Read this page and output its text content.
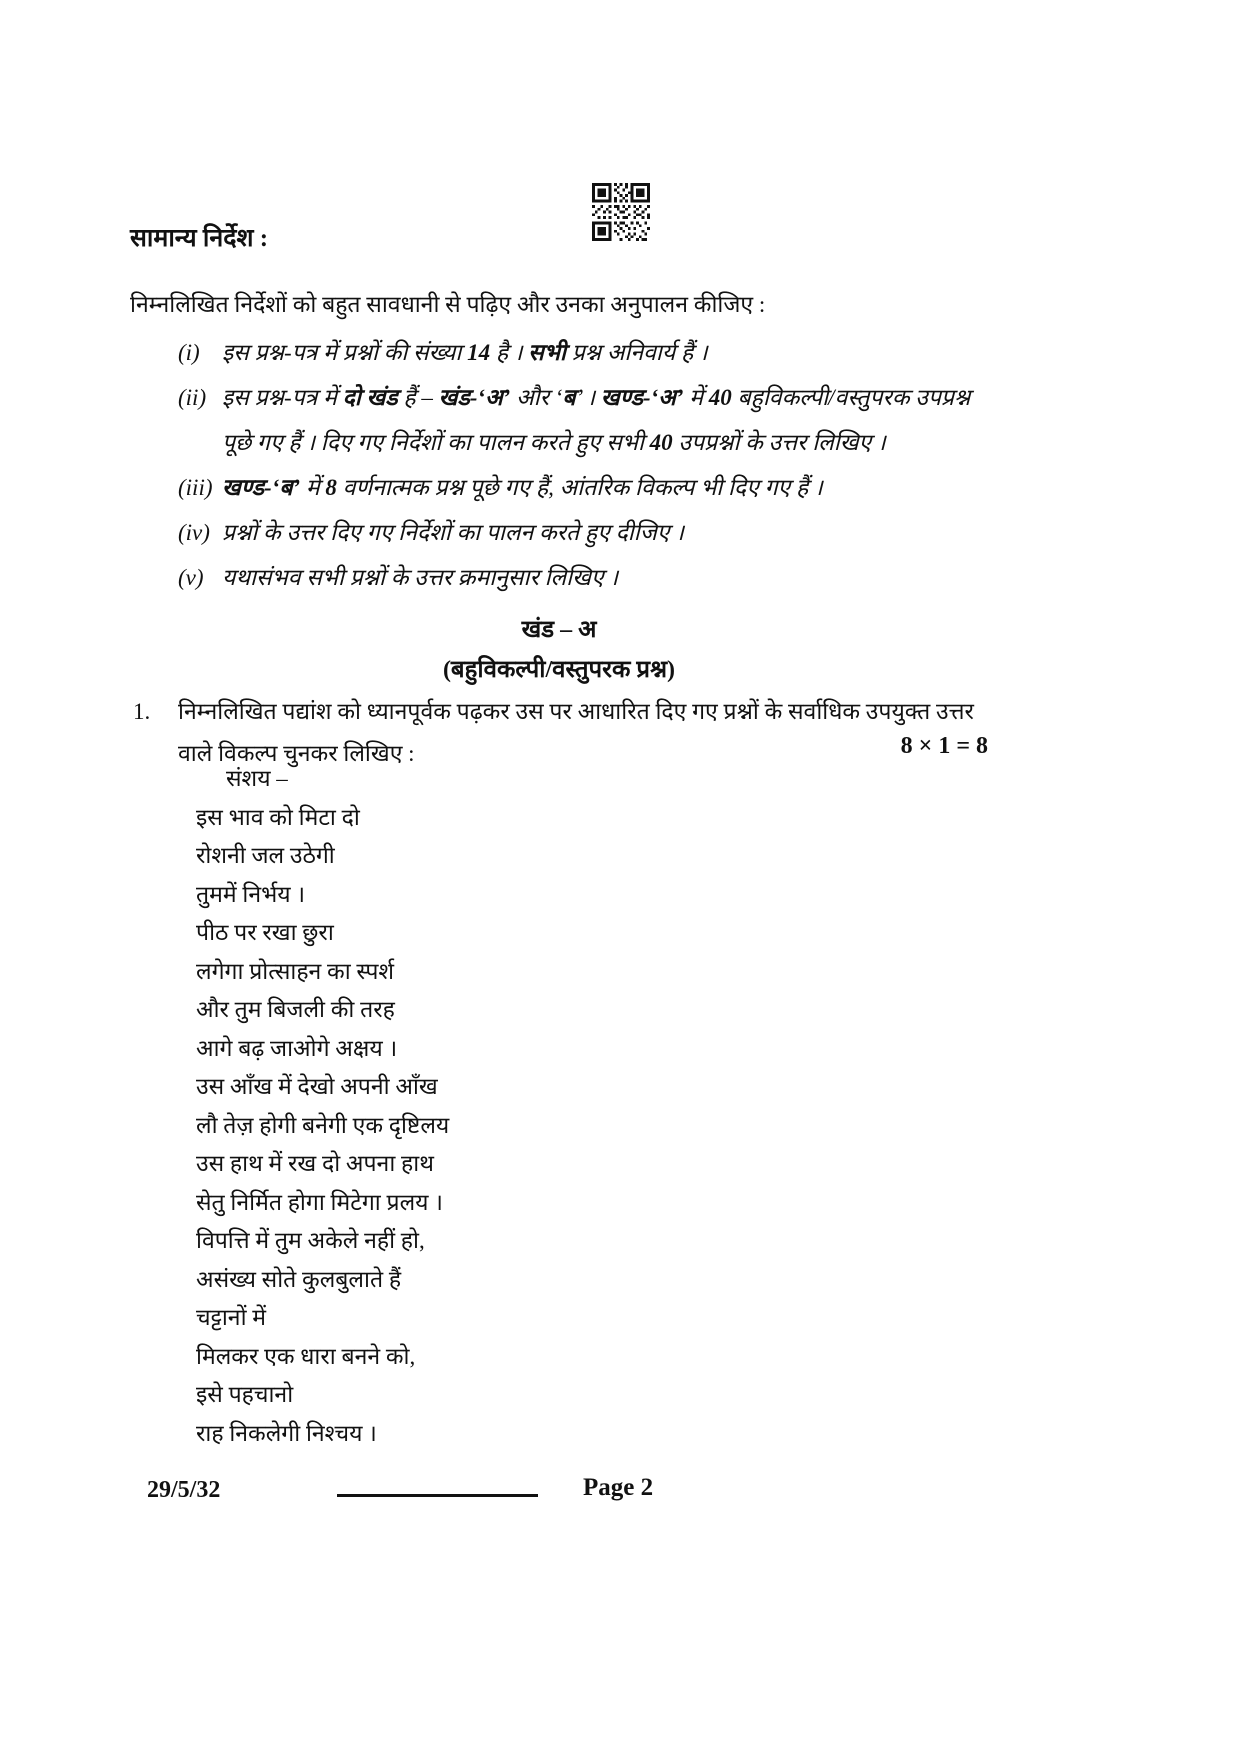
सामान्य निर्देश :
निम्नलिखित निर्देशों को बहुत सावधानी से पढ़िए और उनका अनुपालन कीजिए :
(i) इस प्रश्न-पत्र में प्रश्नों की संख्या 14 है । सभी प्रश्न अनिवार्य हैं ।
(ii) इस प्रश्न-पत्र में दो खंड हैं – खंड-‘अ’ और ‘ब’ । खण्ड-‘अ’ में 40 बहुविकल्पी/वस्तुपरक उपप्रश्न पूछे गए हैं । दिए गए निर्देशों का पालन करते हुए सभी 40 उपप्रश्नों के उत्तर लिखिए ।
(iii) खण्ड-‘ब’ में 8 वर्णनात्मक प्रश्न पूछे गए हैं, आंतरिक विकल्प भी दिए गए हैं ।
(iv) प्रश्नों के उत्तर दिए गए निर्देशों का पालन करते हुए दीजिए ।
(v) यथासंभव सभी प्रश्नों के उत्तर क्रमानुसार लिखिए ।
खंड – अ
(बहुविकल्पी/वस्तुपरक प्रश्न)
1. निम्नलिखित पद्यांश को ध्यानपूर्वक पढ़कर उस पर आधारित दिए गए प्रश्नों के सर्वाधिक उपयुक्त उत्तर वाले विकल्प चुनकर लिखिए :	8 × 1 = 8
संशय –
इस भाव को मिटा दो
रोशनी जल उठेगी
तुममें निर्भय ।
पीठ पर रखा छुरा
लगेगा प्रोत्साहन का स्पर्श
और तुम बिजली की तरह
आगे बढ़ जाओगे अक्षय ।
उस आँख में देखो अपनी आँख
लौ तेज़ होगी बनेगी एक दृष्टिलय
उस हाथ में रख दो अपना हाथ
सेतु निर्मित होगा मिटेगा प्रलय ।
विपत्ति में तुम अकेले नहीं हो,
असंख्य सोते कुलबुलाते हैं
चट्टानों में
मिलकर एक धारा बनने को,
इसे पहचानो
राह निकलेगी निश्चय ।
29/5/32	Page 2
